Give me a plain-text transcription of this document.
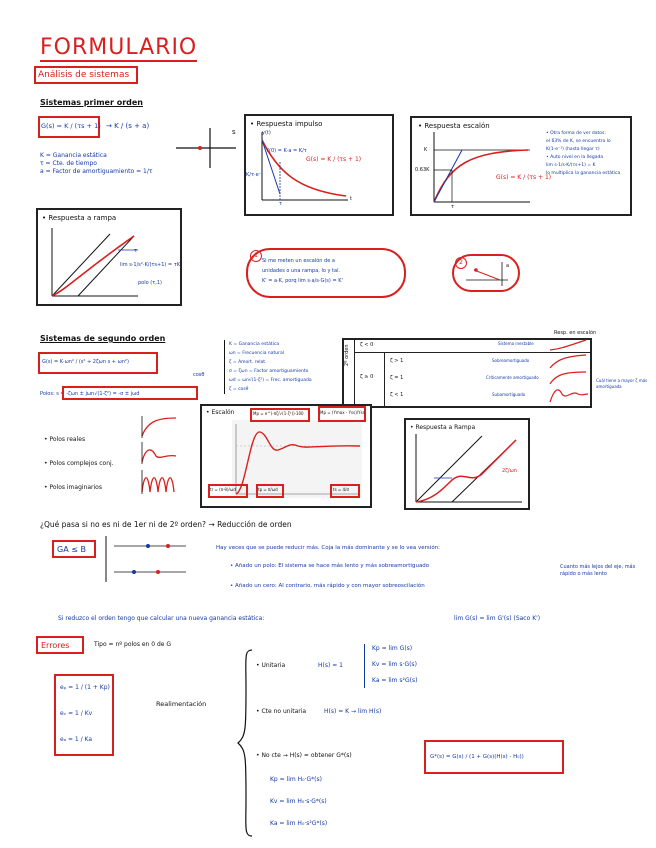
FORMULARIO
Análisis de sistemas
Sistemas primer orden
G(s) = K / (τs + 1) → K / (s + a)
K = Ganancia estática
τ = Cte. de tiempo
a = Factor de amortiguamiento = 1/τ
s
• Respuesta impulso
Y(0) = K·a = K/τ
y(t)
K/τ·e⁻¹
τ
t
G(s) = K / (τs + 1)
• Respuesta escalón
K
0.63K
τ
G(s) = K / (τs + 1)
• Otra forma de ver datos:
el 63% de K, se encuentra lo
K(1-e⁻¹) (hasta llegar τ)
• Auto nivel en la llegada
lim s·1/s·K/(τs+1) = K
lo multiplica la ganancia estática
• Respuesta a rampa
τ
lim s·1/s²·K/(τs+1) = τK
polo (τ,1)
1
Si me meten un escalón de a
unidades o una rampa, lo y tal.
K' = a·K, porq lim s·a/s·G(s) = K'
2	a
Sistemas de segundo orden
G(s) = K·ωn² / (s² + 2ζωn s + ωn²)
Polos: s = -ζωn ± jωn√(1-ζ²) = -σ ± jωd
cosθ
K = Ganancia estática
ωn = Frecuencia natural
ζ = Amort. relat.
σ = ζωn = Factor amortiguamiento
ωd = ωn√(1-ζ²) = Frec. amortiguada
ζ = cosθ
Resp. en escalón
2º orden
ζ ≥ 0
ζ < 0	Sistema inestable
ζ > 1	Sobreamortiguado
ζ = 1	Críticamente amortiguado
ζ < 1	Subamortiguado
Cuál tiene a mayor ζ más amortiguada
• Polos reales
• Polos complejos conj.
• Polos imaginarios
• Escalón	Mp = e^(-πζ/√(1-ζ²))·100	Mp = (Ymax - Yss)/Yss
tr = (π-θ)/ωd	tp = π/ωd	ts = 4/σ
• Respuesta a Rampa
2ζ/ωn
¿Qué pasa si no es ni de 1er ni de 2º orden? → Reducción de orden
GA ≤ B	Hay veces que se puede reducir más. Coja la más dominante y se lo vea versión:
• Añado un polo: El sistema se hace más lento y más sobreamortiguado
• Añado un cero: Al contrario, más rápido y con mayor sobreoscilación
Cuanto más lejos del eje, más rápido o más lento
Si reduzco el orden tengo que calcular una nueva ganancia estática:	lim G(s) = lim G'(s) (Saco K')
Errores	Tipo = nº polos en 0 de G
eₚ = 1 / (1 + Kp)
eᵥ = 1 / Kv
eₐ = 1 / Ka
Realimentación
• Unitaria	H(s) = 1
Kp = lim G(s)
Kv = lim s·G(s)
Ka = lim s²G(s)
• Cte no unitaria	H(s) = K → lim H(s)
• No cte → H(s) = obtener G*(s)	G*(s) = G(s) / (1 + G(s)(H(s) - H₀))
Kp = lim H₀·G*(s)
Kv = lim H₀·s·G*(s)
Ka = lim H₀·s²G*(s)
